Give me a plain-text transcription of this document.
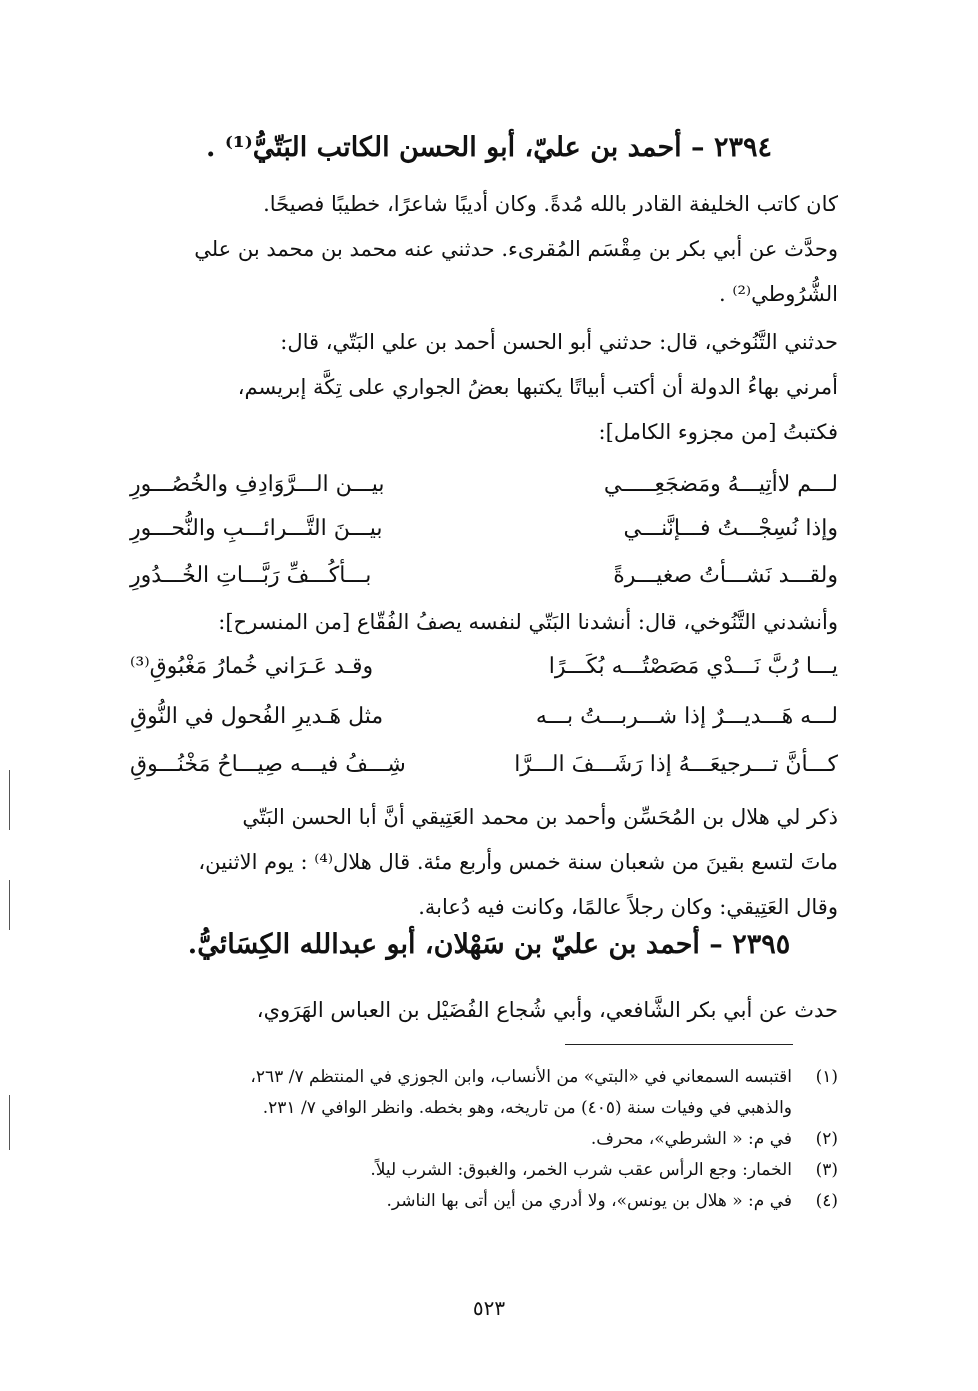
٢٣٩٤ – أحمد بن عليّ، أبو الحسن الكاتب البَتّيُّ⁽¹⁾ .
كان كاتب الخليفة القادر بالله مُدةً. وكان أديبًا شاعرًا، خطيبًا فصيحًا.
وحدَّث عن أبي بكر بن مِقْسَم المُقرىء. حدثني عنه محمد بن محمد بن علي
الشُّرُوطي⁽²⁾ .
حدثني التَّنُوخي، قال: حدثني أبو الحسن أحمد بن علي البَتّي، قال:
أمرني بهاءُ الدولة أن أكتب أبياتًا يكتبها بعضُ الجواري على تِكَّة إبريسم،
فكتبتُ [من مجزوء الكامل]:
لـــم لاأتِيـــهُ ومَضجَعِـــــي
بيـــن الـــرَّوَادِفِ والخُصُـــورِ
وإذا نُسِجْـــتُ فـــإنَّنـــي
بيـــنَ التَّـــرائـــبِ والنُّحـــورِ
ولقـــد نَشـــأتُ صغيـــرةً
بـــأكُـــفِّ رَبَّـــاتِ الخُـــدُورِ
وأنشدني التَّنُوخي، قال: أنشدنا البَتّي لنفسه يصفُ الفُقّاع [من المنسرح]:
يـــا رُبَّ نَـــدْي مَصَصْتُـــه بُكَـــرًا
وقـد عَـرَاني خُمارُ مَغْبُوقِ⁽³⁾
لـــه هَـــديـــرٌ إذا شـــربـــتُ بـــه
مثل هَـديرِ الفُحول في النُّوقِ
كـــأنَّ تـــرجيعَـــهُ إذا رَشَـــفَ الـــرَّا
شِـــفُ فيـــه صِيـــاحُ مَخْنُـــوقِ
ذكر لي هلال بن المُحَسِّن وأحمد بن محمد العَتِيقي أنَّ أبا الحسن البَتّي
ماتَ لتسع بقينَ من شعبان سنة خمس وأربع مئة. قال هلال⁽⁴⁾ : يوم الاثنين،
وقال العَتِيقي: وكان رجلاً عالمًا، وكانت فيه دُعابة.
٢٣٩٥ – أحمد بن عليّ بن سَهْلان، أبو عبدالله الكِسَائيُّ.
حدث عن أبي بكر الشَّافعي، وأبي شُجاع الفُضَيْل بن العباس الهَرَوي،
(١)اقتبسه السمعاني في «البتي» من الأنساب، وابن الجوزي في المنتظم ٧/ ٢٦٣،
والذهبي في وفيات سنة (٤٠٥) من تاريخه، وهو بخطه. وانظر الوافي ٧/ ٢٣١.
(٢)في م: « الشرطي»، محرف.
(٣)الخمار: وجع الرأس عقب شرب الخمر، والغبوق: الشرب ليلاً.
(٤)في م: « هلال بن يونس»، ولا أدري من أين أتى بها الناشر.
٥٢٣
